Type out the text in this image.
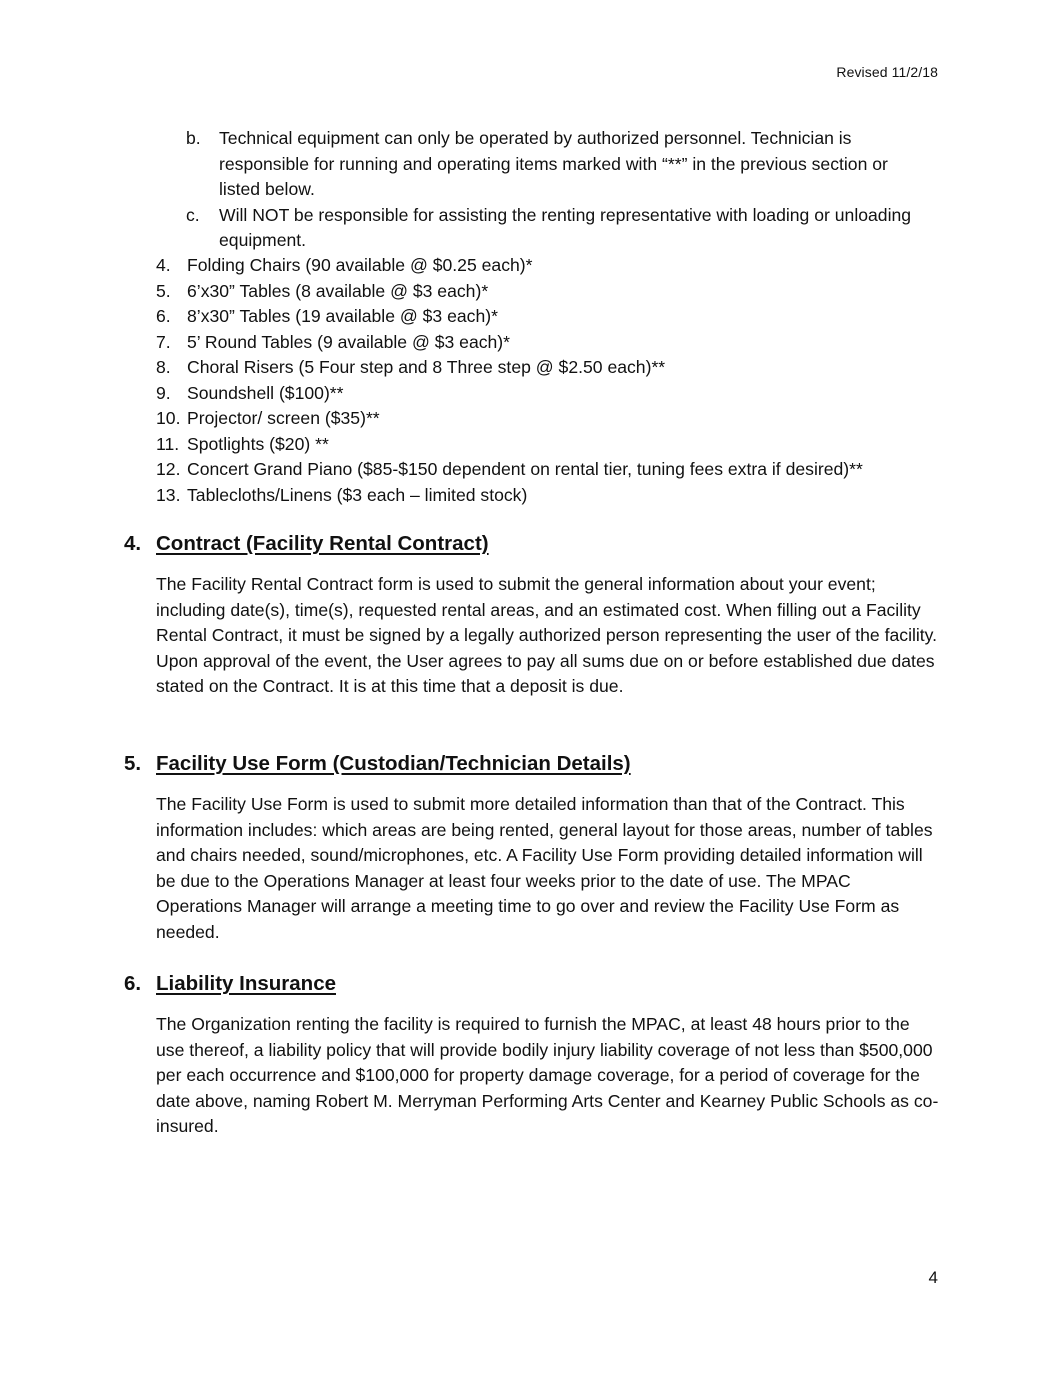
Revised 11/2/18
b. Technical equipment can only be operated by authorized personnel. Technician is responsible for running and operating items marked with “**” in the previous section or listed below.
c. Will NOT be responsible for assisting the renting representative with loading or unloading equipment.
4. Folding Chairs (90 available @ $0.25 each)*
5. 6’x30” Tables (8 available @ $3 each)*
6. 8’x30” Tables (19 available @ $3 each)*
7. 5’ Round Tables (9 available @ $3 each)*
8. Choral Risers (5 Four step and 8 Three step @ $2.50 each)**
9. Soundshell ($100)**
10. Projector/ screen ($35)**
11. Spotlights ($20) **
12. Concert Grand Piano ($85-$150 dependent on rental tier, tuning fees extra if desired)**
13. Tablecloths/Linens ($3 each – limited stock)
4. Contract (Facility Rental Contract)

The Facility Rental Contract form is used to submit the general information about your event; including date(s), time(s), requested rental areas, and an estimated cost. When filling out a Facility Rental Contract, it must be signed by a legally authorized person representing the user of the facility. Upon approval of the event, the User agrees to pay all sums due on or before established due dates stated on the Contract. It is at this time that a deposit is due.

5. Facility Use Form (Custodian/Technician Details)

The Facility Use Form is used to submit more detailed information than that of the Contract. This information includes: which areas are being rented, general layout for those areas, number of tables and chairs needed, sound/microphones, etc. A Facility Use Form providing detailed information will be due to the Operations Manager at least four weeks prior to the date of use. The MPAC Operations Manager will arrange a meeting time to go over and review the Facility Use Form as needed.

6. Liability Insurance

The Organization renting the facility is required to furnish the MPAC, at least 48 hours prior to the use thereof, a liability policy that will provide bodily injury liability coverage of not less than $500,000 per each occurrence and $100,000 for property damage coverage, for a period of coverage for the date above, naming Robert M. Merryman Performing Arts Center and Kearney Public Schools as co-insured.

4
